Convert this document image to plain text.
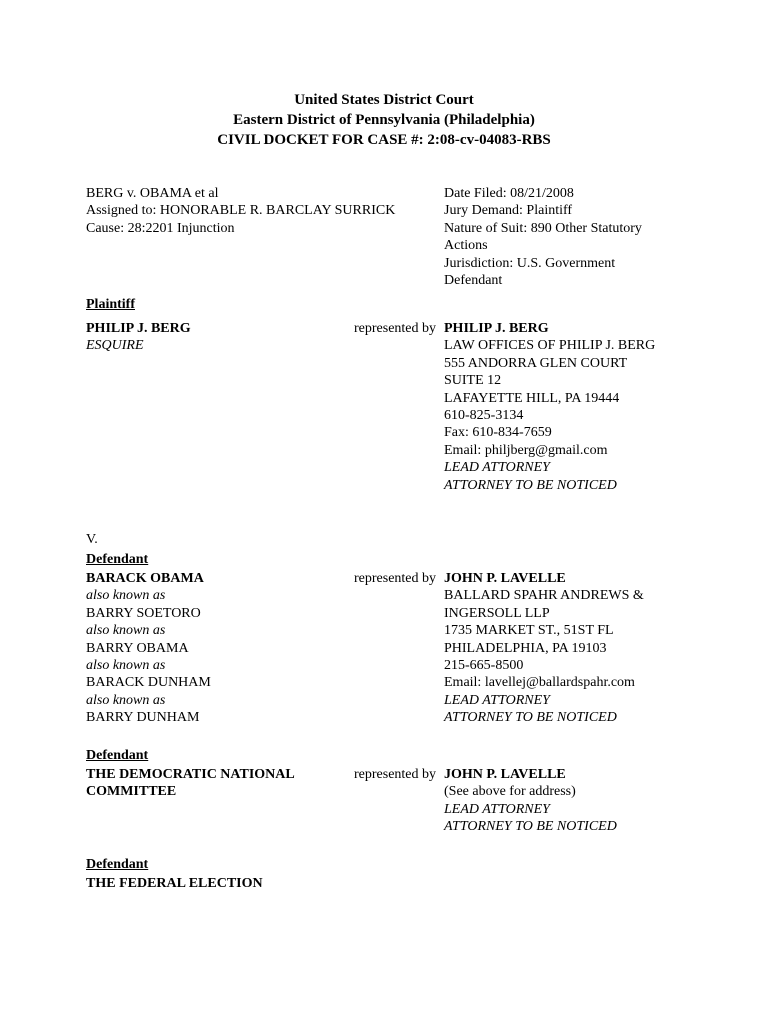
United States District Court
Eastern District of Pennsylvania (Philadelphia)
CIVIL DOCKET FOR CASE #: 2:08-cv-04083-RBS
BERG v. OBAMA et al
Assigned to: HONORABLE R. BARCLAY SURRICK
Cause: 28:2201 Injunction
Date Filed: 08/21/2008
Jury Demand: Plaintiff
Nature of Suit: 890 Other Statutory
Actions
Jurisdiction: U.S. Government
Defendant
Plaintiff
PHILIP J. BERG
ESQUIRE
represented by PHILIP J. BERG
LAW OFFICES OF PHILIP J. BERG
555 ANDORRA GLEN COURT
SUITE 12
LAFAYETTE HILL, PA 19444
610-825-3134
Fax: 610-834-7659
Email: philjberg@gmail.com
LEAD ATTORNEY
ATTORNEY TO BE NOTICED
V.
Defendant
BARACK OBAMA
also known as
BARRY SOETORO
also known as
BARRY OBAMA
also known as
BARACK DUNHAM
also known as
BARRY DUNHAM
represented by JOHN P. LAVELLE
BALLARD SPAHR ANDREWS &
INGERSOLL LLP
1735 MARKET ST., 51ST FL
PHILADELPHIA, PA 19103
215-665-8500
Email: lavellej@ballardspahr.com
LEAD ATTORNEY
ATTORNEY TO BE NOTICED
Defendant
THE DEMOCRATIC NATIONAL
COMMITTEE
represented by JOHN P. LAVELLE
(See above for address)
LEAD ATTORNEY
ATTORNEY TO BE NOTICED
Defendant
THE FEDERAL ELECTION
